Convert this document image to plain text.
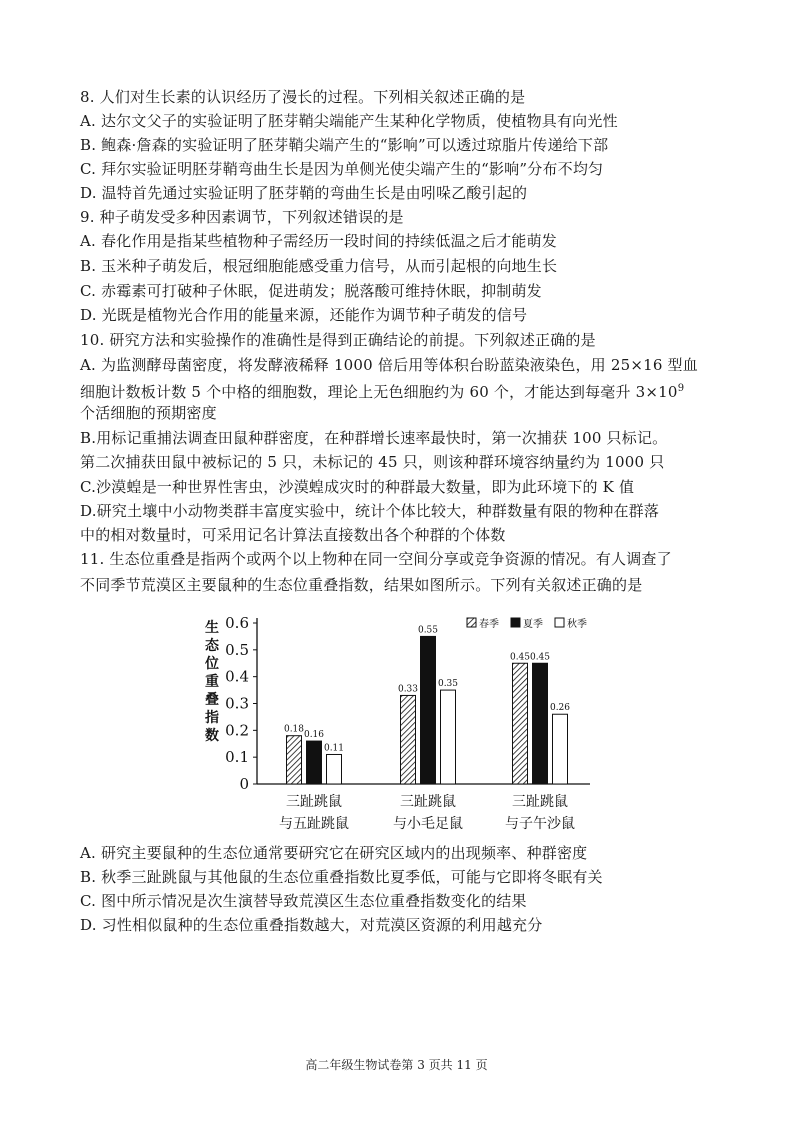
8. 人们对生长素的认识经历了漫长的过程。下列相关叙述正确的是
A. 达尔文父子的实验证明了胚芽鞘尖端能产生某种化学物质，使植物具有向光性
B. 鲍森·詹森的实验证明了胚芽鞘尖端产生的“影响”可以透过琼脂片传递给下部
C. 拜尔实验证明胚芽鞘弯曲生长是因为单侧光使尖端产生的“影响”分布不均匀
D. 温特首先通过实验证明了胚芽鞘的弯曲生长是由吲哚乙酸引起的
9. 种子萌发受多种因素调节，下列叙述错误的是
A. 春化作用是指某些植物种子需经历一段时间的持续低温之后才能萌发
B. 玉米种子萌发后，根冠细胞能感受重力信号，从而引起根的向地生长
C. 赤霉素可打破种子休眠，促进萌发；脱落酸可维持休眠，抑制萌发
D. 光既是植物光合作用的能量来源，还能作为调节种子萌发的信号
10. 研究方法和实验操作的准确性是得到正确结论的前提。下列叙述正确的是
A. 为监测酵母菌密度，将发酵液稀释 1000 倍后用等体积台盼蓝染液染色，用 25×16 型血
细胞计数板计数 5 个中格的细胞数，理论上无色细胞约为 60 个，才能达到每毫升 $3\times 10^9$
个活细胞的预期密度
B.用标记重捕法调查田鼠种群密度，在种群增长速率最快时，第一次捕获 100 只标记。
第二次捕获田鼠中被标记的 5 只，未标记的 45 只，则该种群环境容纳量约为 1000 只
C.沙漠蝗是一种世界性害虫，沙漠蝗成灾时的种群最大数量，即为此环境下的 K 值
D.研究土壤中小动物类群丰富度实验中，统计个体比较大，种群数量有限的物种在群落
中的相对数量时，可采用记名计算法直接数出各个种群的个体数
11. 生态位重叠是指两个或两个以上物种在同一空间分享或竞争资源的情况。有人调查了
不同季节荒漠区主要鼠种的生态位重叠指数，结果如图所示。下列有关叙述正确的是
0
0.1
0.2
0.3
0.4
0.5
0.6
生
态
位
重
叠
指
数	0.18
0.33
0.45
0.16
0.55
0.45
0.11
0.35
0.26
三趾跳鼠
与五趾跳鼠
三趾跳鼠
与小毛足鼠
三趾跳鼠
与子午沙鼠
春季 夏季 秋季
A. 研究主要鼠种的生态位通常要研究它在研究区域内的出现频率、种群密度
B. 秋季三趾跳鼠与其他鼠的生态位重叠指数比夏季低，可能与它即将冬眠有关
C. 图中所示情况是次生演替导致荒漠区生态位重叠指数变化的结果
D. 习性相似鼠种的生态位重叠指数越大，对荒漠区资源的利用越充分
高二年级生物试卷第 3 页共 11 页
